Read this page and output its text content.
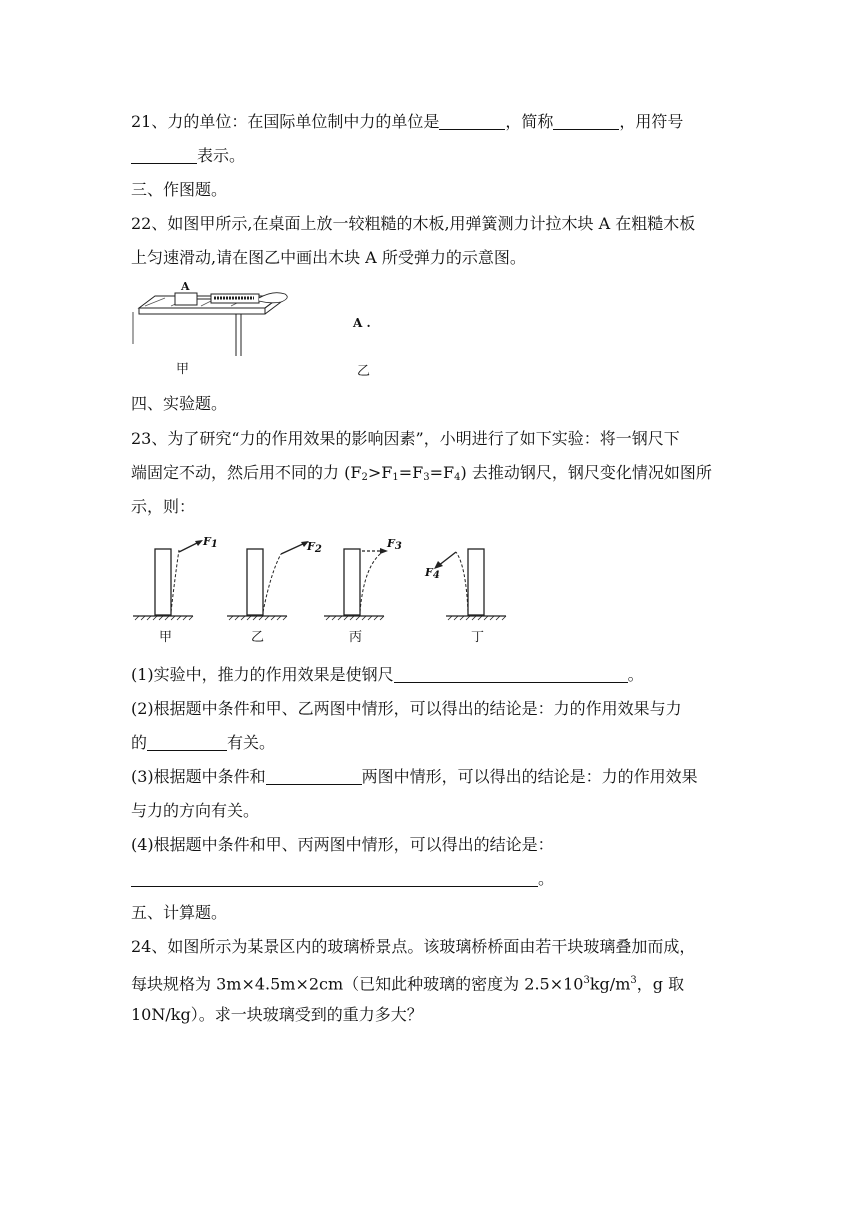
21、力的单位：在国际单位制中力的单位是	，简称	，用符号
表示。
三、作图题。
22、如图甲所示,在桌面上放一较粗糙的木板,用弹簧测力计拉木块 A 在粗糙木板
上匀速滑动,请在图乙中画出木块 A 所受弹力的示意图。
A
甲
A .
乙
四、实验题。
23、为了研究“力的作用效果的影响因素”，小明进行了如下实验：将一钢尺下
端固定不动，然后用不同的力 $(F_2>F_1=F_3=F_4)$ 去推动钢尺，钢尺变化情况如图所
示，则：
F1
甲
F2
乙
F3
丙
F4
丁
(1)实验中，推力的作用效果是使钢尺	。
(2)根据题中条件和甲、乙两图中情形，可以得出的结论是：力的作用效果与力
的	有关。
(3)根据题中条件和	两图中情形，可以得出的结论是：力的作用效果
与力的方向有关。
(4)根据题中条件和甲、丙两图中情形，可以得出的结论是：
。
五、计算题。
24、如图所示为某景区内的玻璃桥景点。该玻璃桥桥面由若干块玻璃叠加而成，
每块规格为 3m×4.5m×2cm（已知此种玻璃的密度为 $2.5\times 10^3kg/m^3$，g 取
10N/kg）。求一块玻璃受到的重力多大？
